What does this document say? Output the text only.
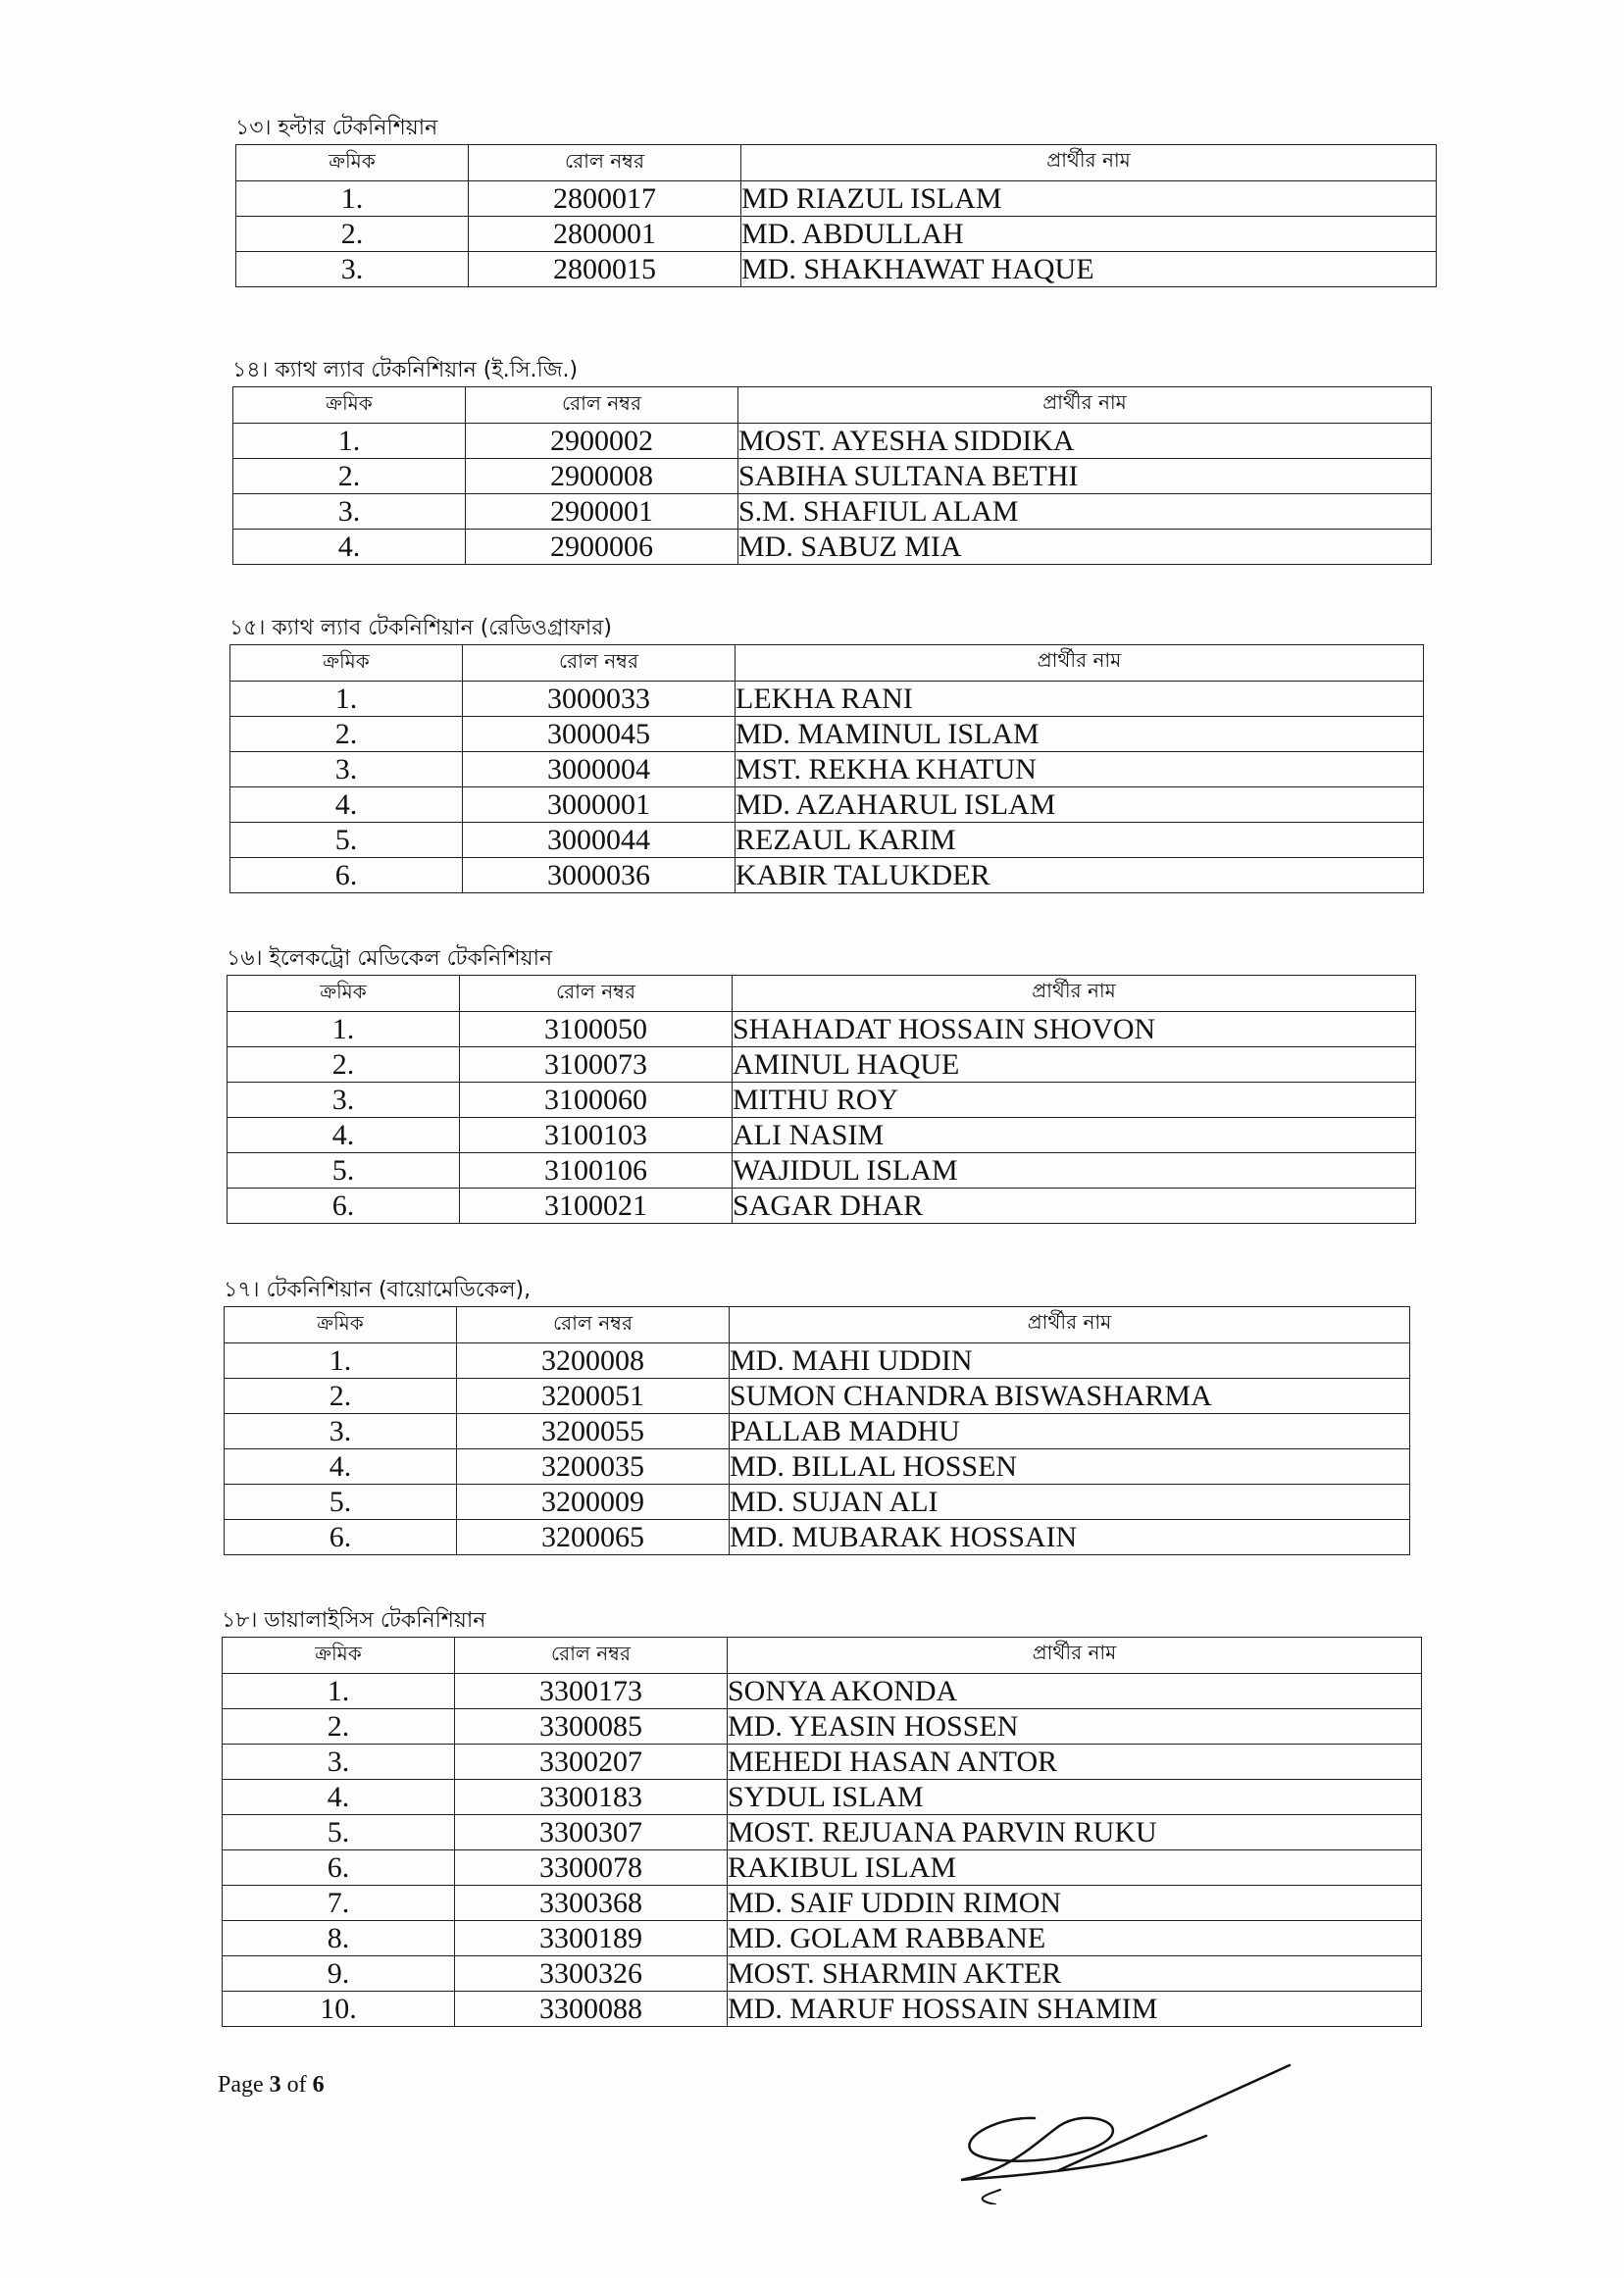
১৩। হল্টার টেকনিশিয়ান
ক্রমিক	রোল নম্বর	প্রার্থীর নাম
1.	2800017	MD RIAZUL ISLAM
2.	2800001	MD. ABDULLAH
3.	2800015	MD. SHAKHAWAT HAQUE
১৪। ক্যাথ ল্যাব টেকনিশিয়ান (ই.সি.জি.)
ক্রমিক	রোল নম্বর	প্রার্থীর নাম
1.	2900002	MOST. AYESHA SIDDIKA
2.	2900008	SABIHA SULTANA BETHI
3.	2900001	S.M. SHAFIUL ALAM
4.	2900006	MD. SABUZ MIA
১৫। ক্যাথ ল্যাব টেকনিশিয়ান (রেডিওগ্রাফার)
ক্রমিক	রোল নম্বর	প্রার্থীর নাম
1.	3000033	LEKHA RANI
2.	3000045	MD. MAMINUL ISLAM
3.	3000004	MST. REKHA KHATUN
4.	3000001	MD. AZAHARUL ISLAM
5.	3000044	REZAUL KARIM
6.	3000036	KABIR TALUKDER
১৬। ইলেকট্রো মেডিকেল টেকনিশিয়ান
ক্রমিক	রোল নম্বর	প্রার্থীর নাম
1.	3100050	SHAHADAT HOSSAIN SHOVON
2.	3100073	AMINUL HAQUE
3.	3100060	MITHU ROY
4.	3100103	ALI NASIM
5.	3100106	WAJIDUL ISLAM
6.	3100021	SAGAR DHAR
১৭। টেকনিশিয়ান (বায়োমেডিকেল),
ক্রমিক	রোল নম্বর	প্রার্থীর নাম
1.	3200008	MD. MAHI UDDIN
2.	3200051	SUMON CHANDRA BISWASHARMA
3.	3200055	PALLAB MADHU
4.	3200035	MD. BILLAL HOSSEN
5.	3200009	MD. SUJAN ALI
6.	3200065	MD. MUBARAK HOSSAIN
১৮। ডায়ালাইসিস টেকনিশিয়ান
ক্রমিক	রোল নম্বর	প্রার্থীর নাম
1.	3300173	SONYA AKONDA
2.	3300085	MD. YEASIN HOSSEN
3.	3300207	MEHEDI HASAN ANTOR
4.	3300183	SYDUL ISLAM
5.	3300307	MOST. REJUANA PARVIN RUKU
6.	3300078	RAKIBUL ISLAM
7.	3300368	MD. SAIF UDDIN RIMON
8.	3300189	MD. GOLAM RABBANE
9.	3300326	MOST. SHARMIN AKTER
10.	3300088	MD. MARUF HOSSAIN SHAMIM
Page 3 of 6
